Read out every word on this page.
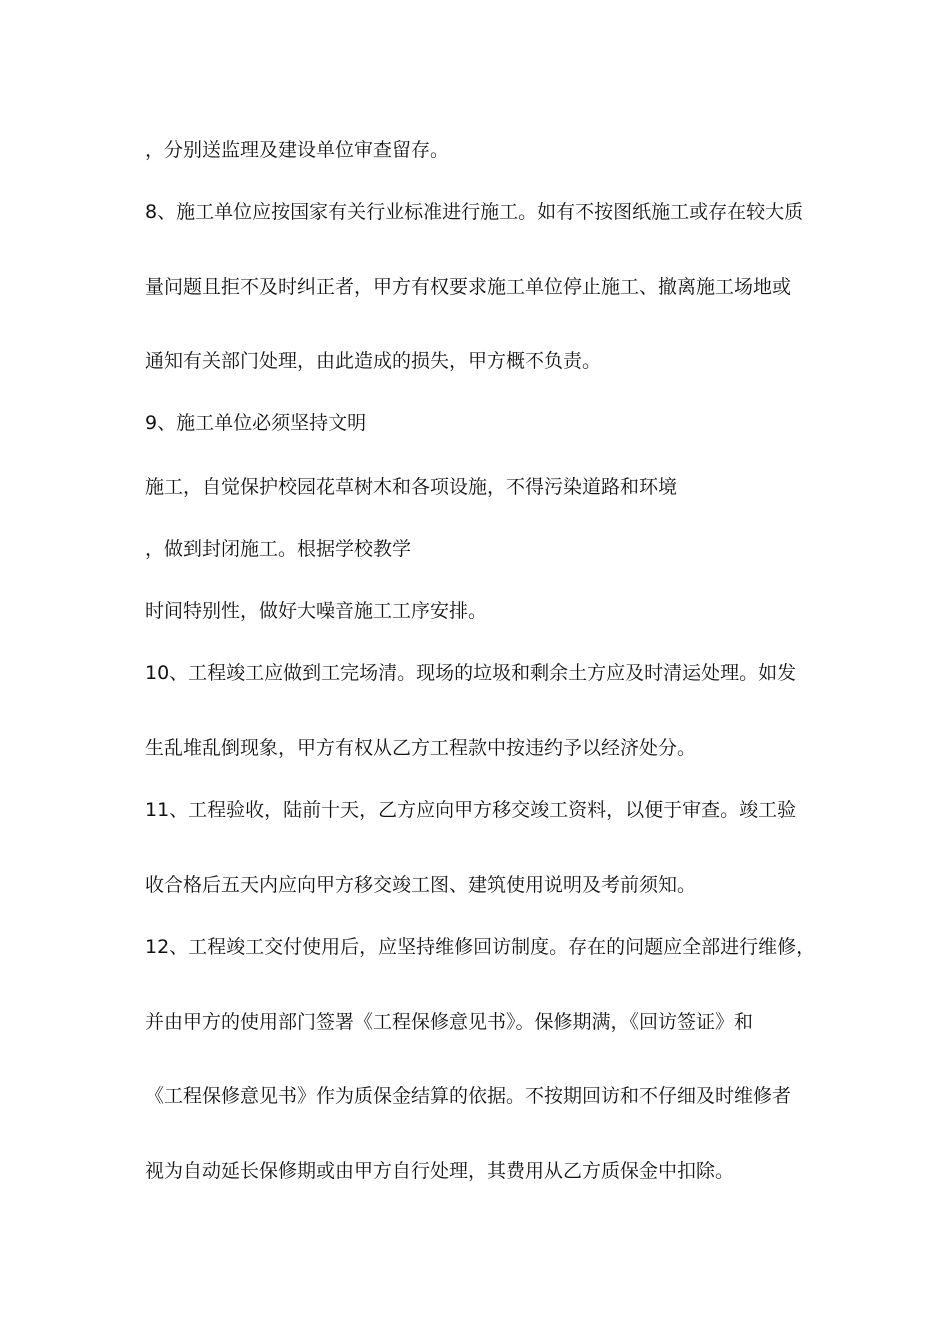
，分别送监理及建设单位审查留存。
8、施工单位应按国家有关行业标准进行施工。如有不按图纸施工或存在较大质
量问题且拒不及时纠正者，甲方有权要求施工单位停止施工、撤离施工场地或
通知有关部门处理，由此造成的损失，甲方概不负责。
9、施工单位必须坚持文明
施工，自觉保护校园花草树木和各项设施，不得污染道路和环境
，做到封闭施工。根据学校教学
时间特别性，做好大噪音施工工序安排。
10、工程竣工应做到工完场清。现场的垃圾和剩余土方应及时清运处理。如发
生乱堆乱倒现象，甲方有权从乙方工程款中按违约予以经济处分。
11、工程验收，陆前十天，乙方应向甲方移交竣工资料，以便于审查。竣工验
收合格后五天内应向甲方移交竣工图、建筑使用说明及考前须知。
12、工程竣工交付使用后，应坚持维修回访制度。存在的问题应全部进行维修，
并由甲方的使用部门签署《工程保修意见书》。保修期满，《回访签证》和
《工程保修意见书》作为质保金结算的依据。不按期回访和不仔细及时维修者
视为自动延长保修期或由甲方自行处理，其费用从乙方质保金中扣除。
